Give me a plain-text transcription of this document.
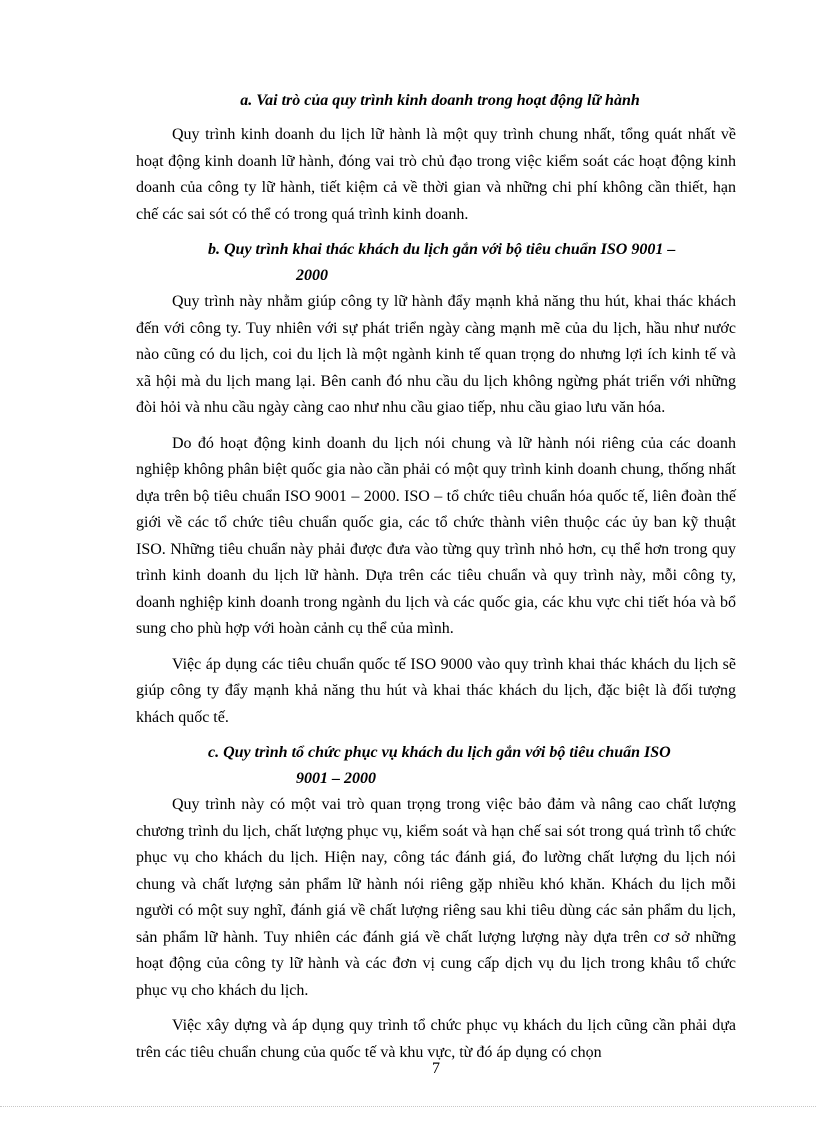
a. Vai trò của quy trình kinh doanh trong hoạt động lữ hành

Quy trình kinh doanh du lịch lữ hành là một quy trình chung nhất, tổng quát nhất về hoạt động kinh doanh lữ hành, đóng vai trò chủ đạo trong việc kiểm soát các hoạt động kinh doanh của công ty lữ hành, tiết kiệm cả về thời gian và những chi phí không cần thiết, hạn chế các sai sót có thể có trong quá trình kinh doanh.

b. Quy trình khai thác khách du lịch gắn với bộ tiêu chuẩn ISO 9001 –
2000

Quy trình này nhằm giúp công ty lữ hành đẩy mạnh khả năng thu hút, khai thác khách đến với công ty. Tuy nhiên với sự phát triển ngày càng mạnh mẽ của du lịch, hầu như nước nào cũng có du lịch, coi du lịch là một ngành kinh tế quan trọng do nhưng lợi ích kinh tế và xã hội mà du lịch mang lại. Bên canh đó nhu cầu du lịch không ngừng phát triển với những đòi hỏi và nhu cầu ngày càng cao như nhu cầu giao tiếp, nhu cầu giao lưu văn hóa.

Do đó hoạt động kinh doanh du lịch nói chung và lữ hành nói riêng của các doanh nghiệp không phân biệt quốc gia nào cần phải có một quy trình kinh doanh chung, thống nhất dựa trên bộ tiêu chuẩn ISO 9001 – 2000. ISO – tổ chức tiêu chuẩn hóa quốc tế, liên đoàn thế giới về các tổ chức tiêu chuẩn quốc gia, các tổ chức thành viên thuộc các ủy ban kỹ thuật ISO. Những tiêu chuẩn này phải được đưa vào từng quy trình nhỏ hơn, cụ thể hơn trong quy trình kinh doanh du lịch lữ hành. Dựa trên các tiêu chuẩn và quy trình này, mỗi công ty, doanh nghiệp kinh doanh trong ngành du lịch và các quốc gia, các khu vực chi tiết hóa và bổ sung cho phù hợp với hoàn cảnh cụ thể của mình.

Việc áp dụng các tiêu chuẩn quốc tế ISO 9000 vào quy trình khai thác khách du lịch sẽ giúp công ty đẩy mạnh khả năng thu hút và khai thác khách du lịch, đặc biệt là đối tượng khách quốc tế.

c. Quy trình tổ chức phục vụ khách du lịch gắn với bộ tiêu chuẩn ISO
9001 – 2000

Quy trình này có một vai trò quan trọng trong việc bảo đảm và nâng cao chất lượng chương trình du lịch, chất lượng phục vụ, kiểm soát và hạn chế sai sót trong quá trình tổ chức phục vụ cho khách du lịch. Hiện nay, công tác đánh giá, đo lường chất lượng du lịch nói chung và chất lượng sản phẩm lữ hành nói riêng gặp nhiều khó khăn. Khách du lịch mỗi người có một suy nghĩ, đánh giá về chất lượng riêng sau khi tiêu dùng các sản phẩm du lịch, sản phẩm lữ hành. Tuy nhiên các đánh giá về chất lượng lượng này dựa trên cơ sở những hoạt động của công ty lữ hành và các đơn vị cung cấp dịch vụ du lịch trong khâu tổ chức phục vụ cho khách du lịch.

Việc xây dựng và áp dụng quy trình tổ chức phục vụ khách du lịch cũng cần phải dựa trên các tiêu chuẩn chung của quốc tế và khu vực, từ đó áp dụng có chọn

7
